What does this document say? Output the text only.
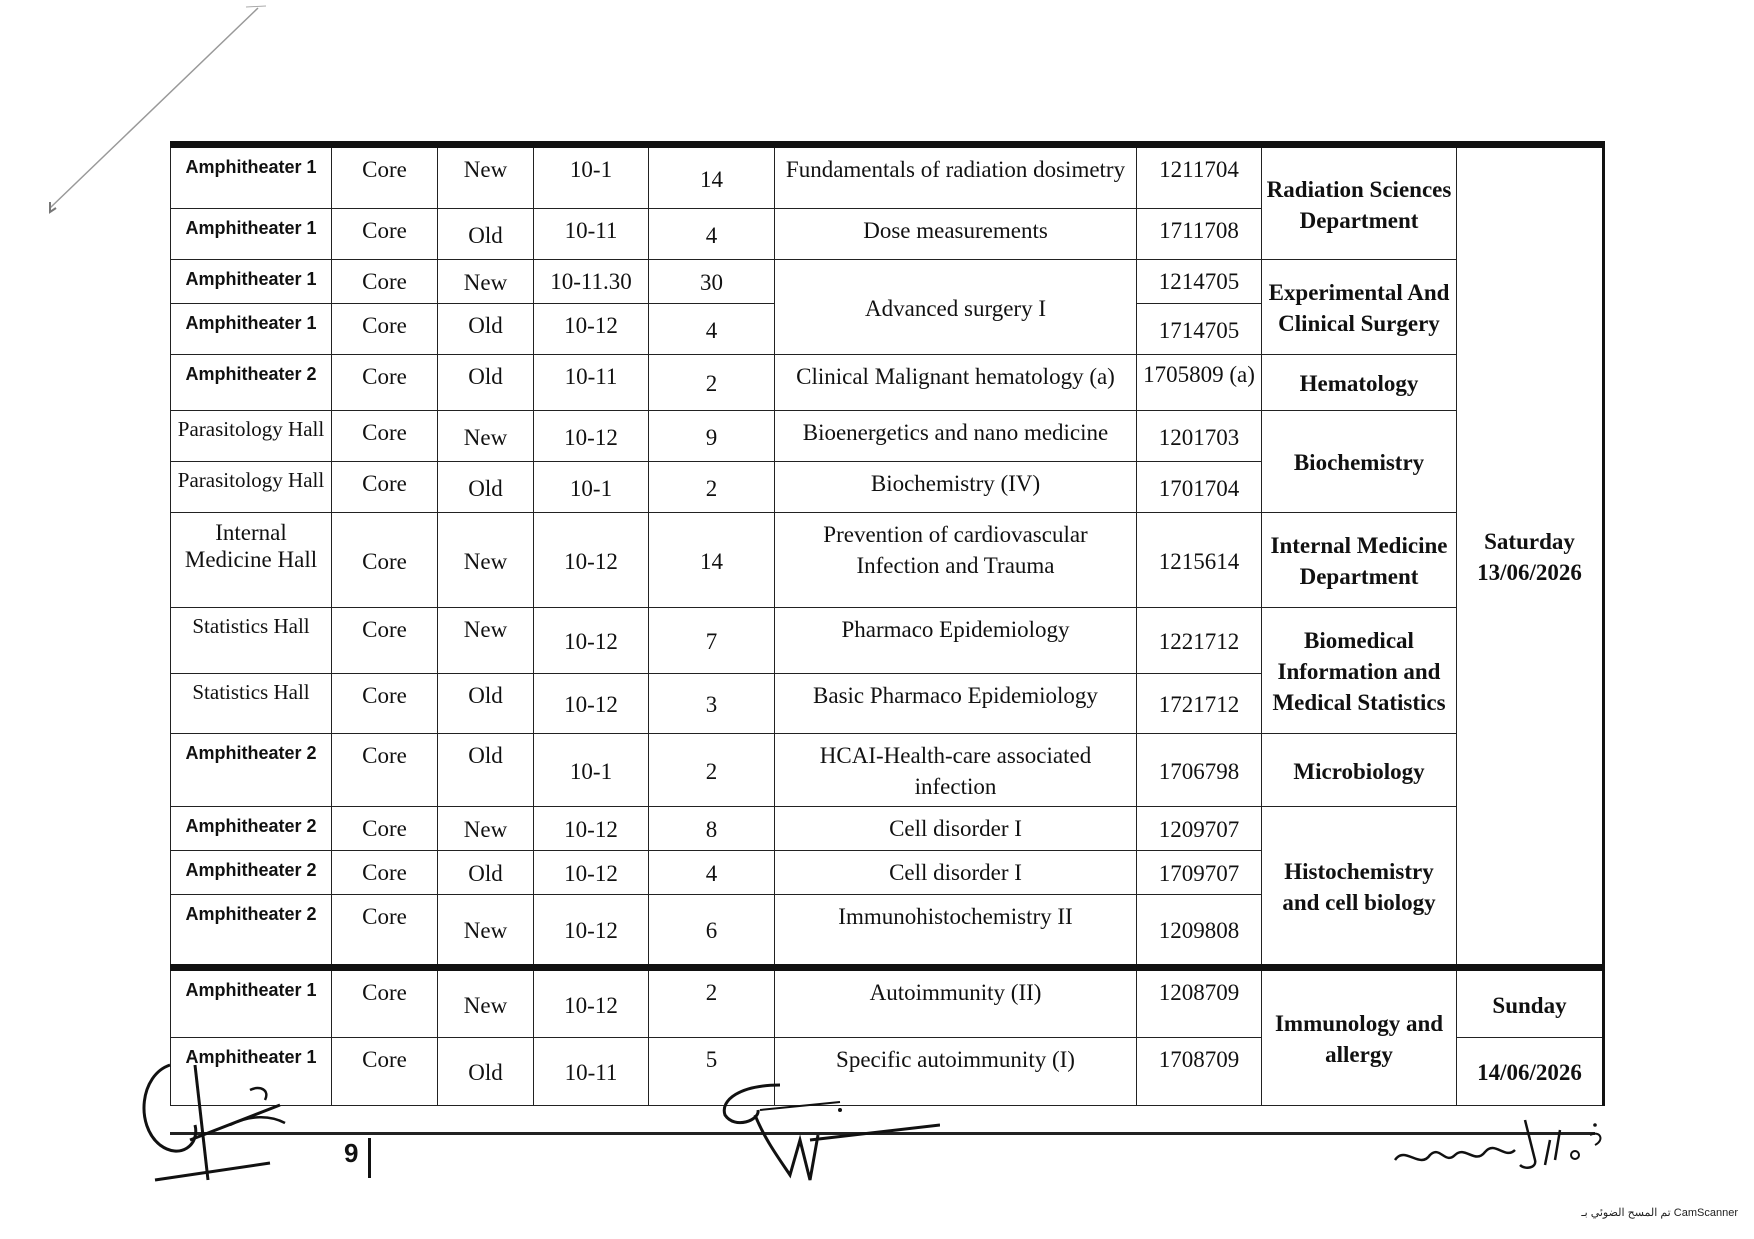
Amphitheater 1	Core	New	10-1	14	Fundamentals of radiation dosimetry	1211704	Radiation Sciences Department	Saturday
13/06/2026

Amphitheater 1	Core	Old	10-11	4	Dose measurements	1711708		
Amphitheater 1	Core	New	10-11.30	30	Advanced surgery I	1214705	Experimental And Clinical Surgery	
Amphitheater 1	Core	Old	10-12	4		1714705		
Amphitheater 2	Core	Old	10-11	2	Clinical Malignant hematology (a)	1705809 (a)	Hematology	
Parasitology Hall	Core	New	10-12	9	Bioenergetics and nano medicine	1201703	Biochemistry	
Parasitology Hall	Core	Old	10-1	2	Biochemistry (IV)	1701704		
Internal Medicine Hall	Core	New	10-12	14	Prevention of cardiovascular Infection and Trauma	1215614	Internal Medicine Department	
Statistics Hall	Core	New	10-12	7	Pharmaco Epidemiology	1221712	Biomedical Information and Medical Statistics	
Statistics Hall	Core	Old	10-12	3	Basic Pharmaco Epidemiology	1721712		
Amphitheater 2	Core	Old	10-1	2	HCAI-Health-care associated infection	1706798	Microbiology	
Amphitheater 2	Core	New	10-12	8	Cell disorder I	1209707	Histochemistry and cell biology	
Amphitheater 2	Core	Old	10-12	4	Cell disorder I	1709707		
Amphitheater 2	Core	New	10-12	6	Immunohistochemistry II	1209808		
Amphitheater 1	Core	New	10-12	2	Autoimmunity (II)	1208709	Immunology and allergy	Sunday
Amphitheater 1	Core	Old	10-11	5	Specific autoimmunity (I)	1708709		14/06/2026
9
تم المسح الضوئي بـ CamScanner
